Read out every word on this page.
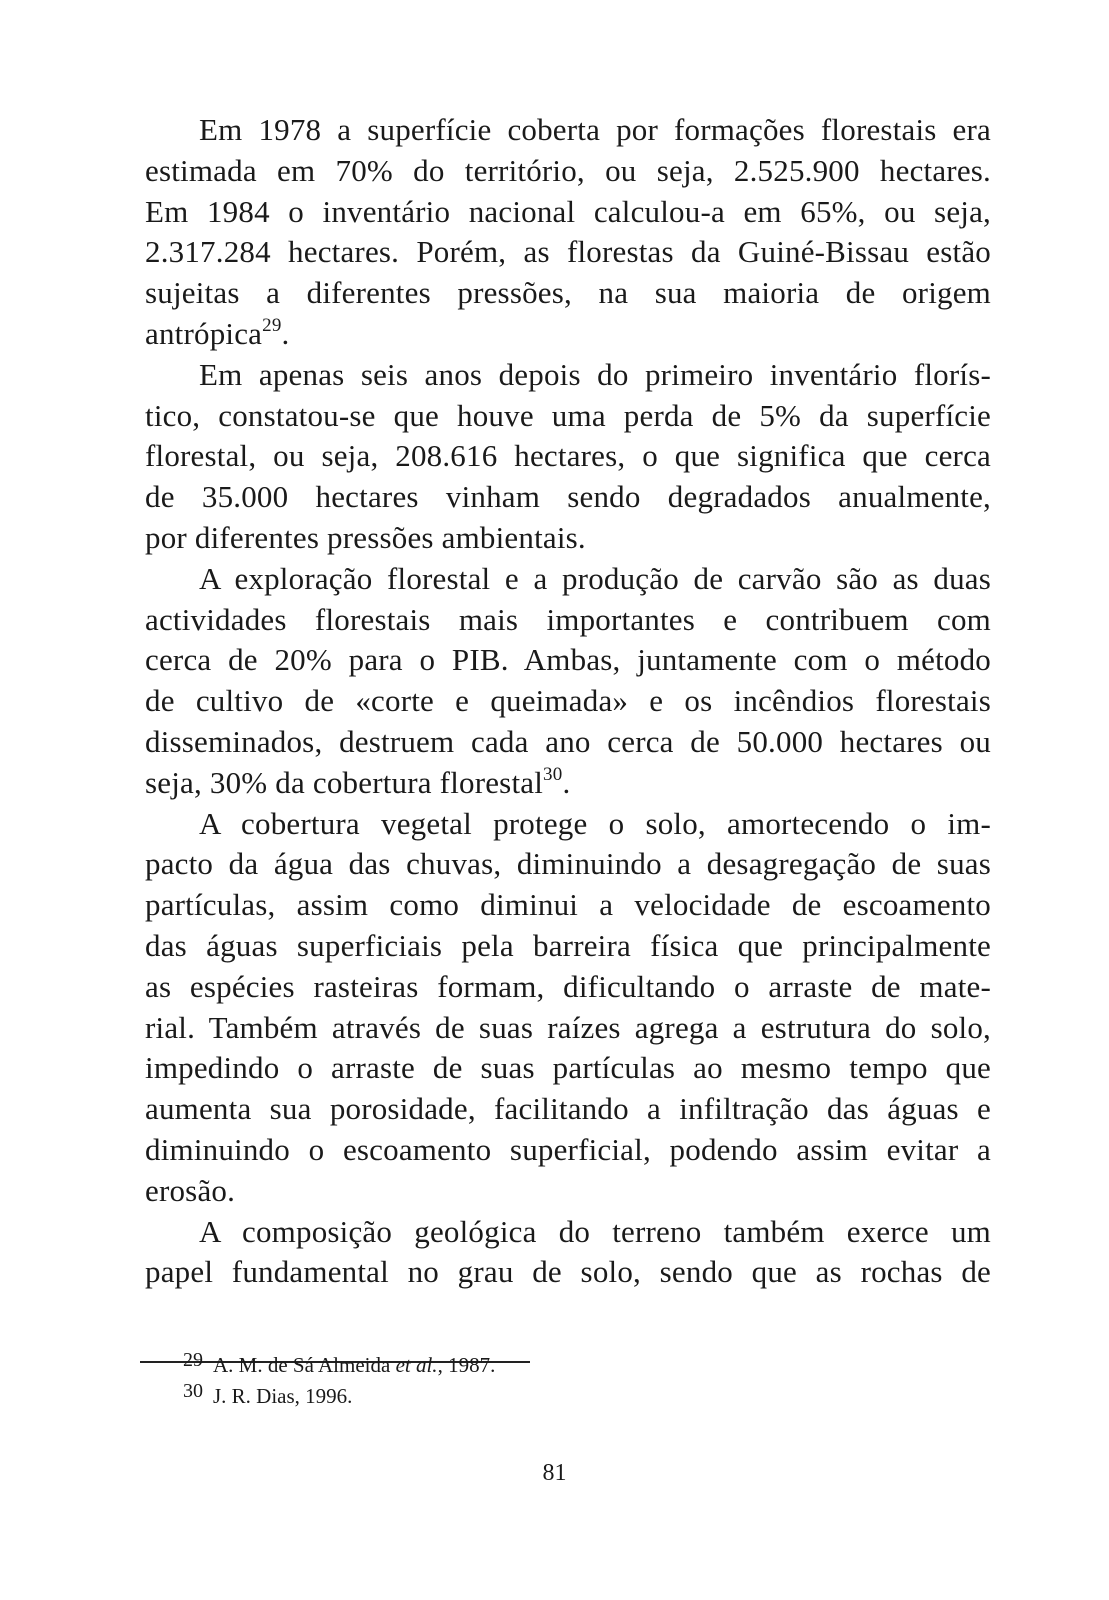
Em 1978 a superfície coberta por formações florestais era
estimada em 70% do território, ou seja, 2.525.900 hectares.
Em 1984 o inventário nacional calculou-a em 65%, ou seja,
2.317.284 hectares. Porém, as florestas da Guiné-Bissau estão
sujeitas a diferentes pressões, na sua maioria de origem
antrópica$^{29}$.
Em apenas seis anos depois do primeiro inventário florís-
tico, constatou-se que houve uma perda de 5% da superfície
florestal, ou seja, 208.616 hectares, o que significa que cerca
de 35.000 hectares vinham sendo degradados anualmente,
por diferentes pressões ambientais.
A exploração florestal e a produção de carvão são as duas
actividades florestais mais importantes e contribuem com
cerca de 20% para o PIB. Ambas, juntamente com o método
de cultivo de «corte e queimada» e os incêndios florestais
disseminados, destruem cada ano cerca de 50.000 hectares ou
seja, 30% da cobertura florestal$^{30}$.
A cobertura vegetal protege o solo, amortecendo o im-
pacto da água das chuvas, diminuindo a desagregação de suas
partículas, assim como diminui a velocidade de escoamento
das águas superficiais pela barreira física que principalmente
as espécies rasteiras formam, dificultando o arraste de mate-
rial. Também através de suas raízes agrega a estrutura do solo,
impedindo o arraste de suas partículas ao mesmo tempo que
aumenta sua porosidade, facilitando a infiltração das águas e
diminuindo o escoamento superficial, podendo assim evitar a
erosão.
A composição geológica do terreno também exerce um
papel fundamental no grau de solo, sendo que as rochas de
29 A. M. de Sá Almeida et al., 1987.
30 J. R. Dias, 1996.
81
